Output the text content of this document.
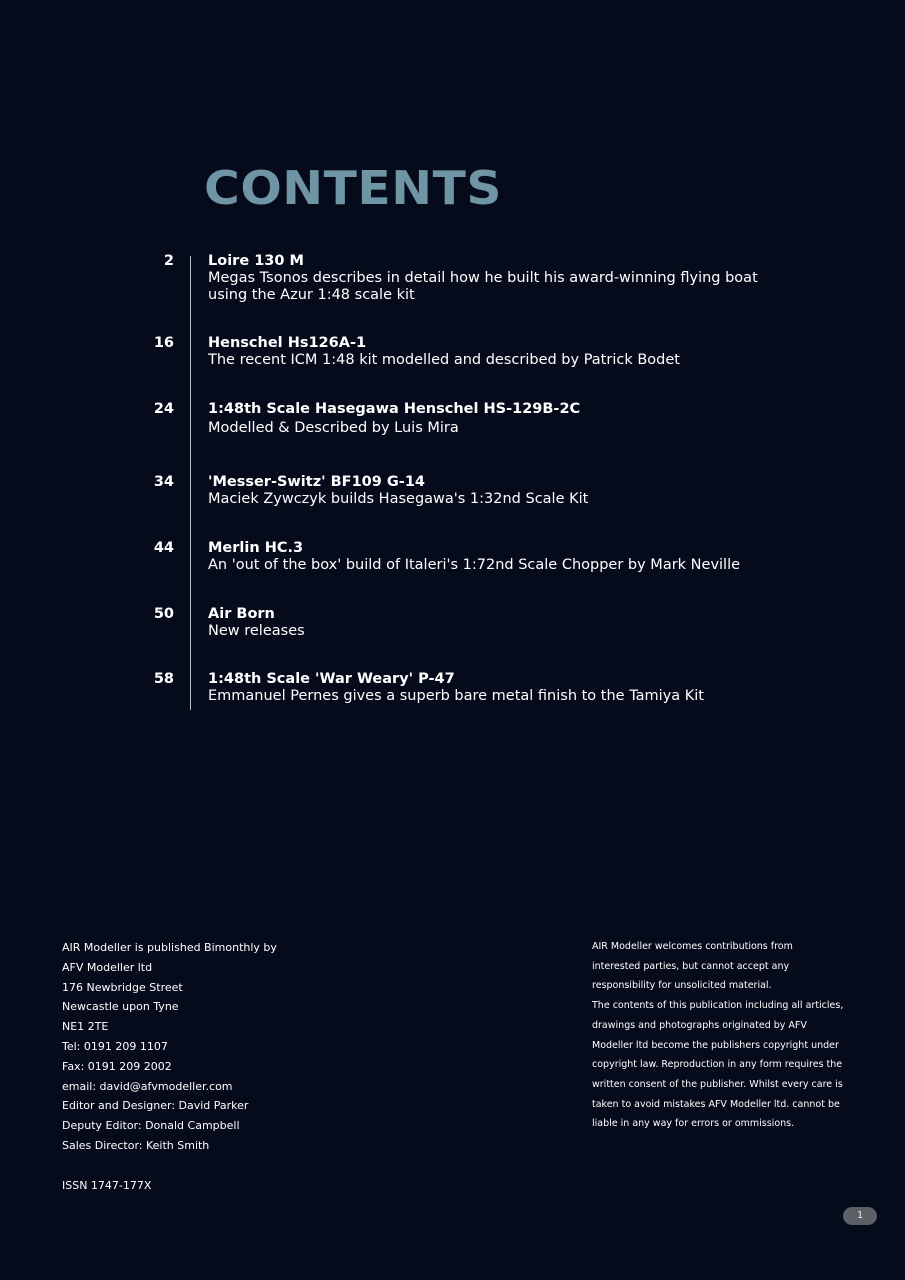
CONTENTS
2 Loire 130 M
Megas Tsonos describes in detail how he built his award-winning flying boat
using the Azur 1:48 scale kit
16 Henschel Hs126A-1
The recent ICM 1:48 kit modelled and described by Patrick Bodet
24 1:48th Scale Hasegawa Henschel HS-129B-2C
Modelled & Described by Luis Mira
34 'Messer-Switz' BF109 G-14
Maciek Zywczyk builds Hasegawa's 1:32nd Scale Kit
44 Merlin HC.3
An 'out of the box' build of Italeri's 1:72nd Scale Chopper by Mark Neville
50 Air Born
New releases
58 1:48th Scale 'War Weary' P-47
Emmanuel Pernes gives a superb bare metal finish to the Tamiya Kit
AIR Modeller is published Bimonthly by
AFV Modeller ltd
176 Newbridge Street
Newcastle upon Tyne
NE1 2TE
Tel: 0191 209 1107
Fax: 0191 209 2002
email: david@afvmodeller.com
Editor and Designer: David Parker
Deputy Editor: Donald Campbell
Sales Director: Keith Smith
ISSN 1747-177X
AIR Modeller welcomes contributions from
interested parties, but cannot accept any
responsibility for unsolicited material.
The contents of this publication including all articles,
drawings and photographs originated by AFV
Modeller ltd become the publishers copyright under
copyright law. Reproduction in any form requires the
written consent of the publisher. Whilst every care is
taken to avoid mistakes AFV Modeller ltd. cannot be
liable in any way for errors or ommissions.
1
